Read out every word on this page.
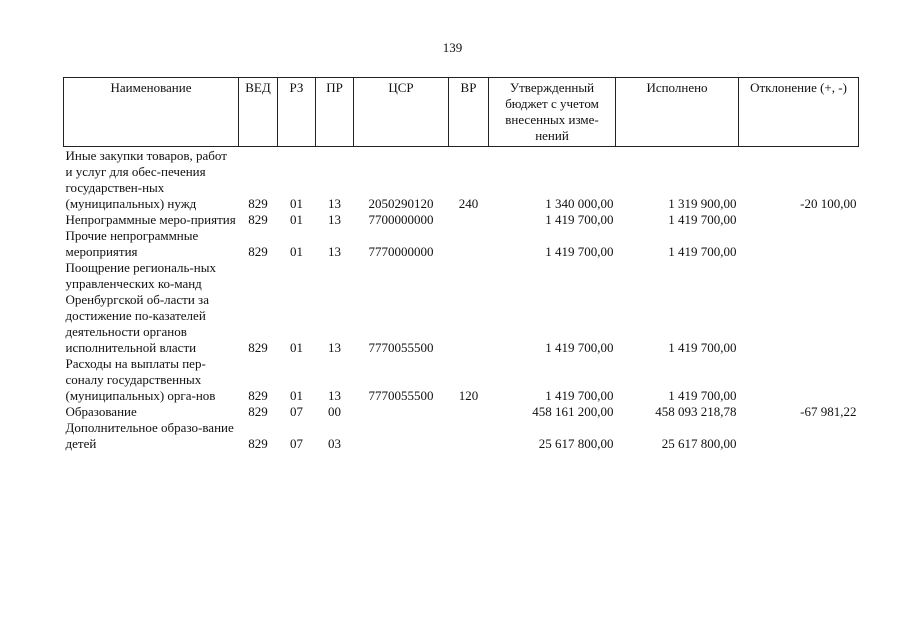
139
Наименование	ВЕД	РЗ	ПР	ЦСР	ВР	Утвержденный бюджет с учетом внесенных изме-нений	Исполнено	Отклонение (+, -)

Иные закупки товаров, работ и услуг для обес-печения государствен-ных (муниципальных) нужд	829	01	13	2050290120	240	1 340 000,00	1 319 900,00	-20 100,00
Непрограммные меро-приятия	829	01	13	7700000000		1 419 700,00	1 419 700,00	
Прочие непрограммные мероприятия	829	01	13	7770000000		1 419 700,00	1 419 700,00	
Поощрение региональ-ных управленческих ко-манд Оренбургской об-ласти за достижение по-казателей деятельности органов исполнительной власти	829	01	13	7770055500		1 419 700,00	1 419 700,00	
Расходы на выплаты пер-соналу государственных (муниципальных) орга-нов	829	01	13	7770055500	120	1 419 700,00	1 419 700,00	
Образование	829	07	00			458 161 200,00	458 093 218,78	-67 981,22
Дополнительное образо-вание детей	829	07	03			25 617 800,00	25 617 800,00	
